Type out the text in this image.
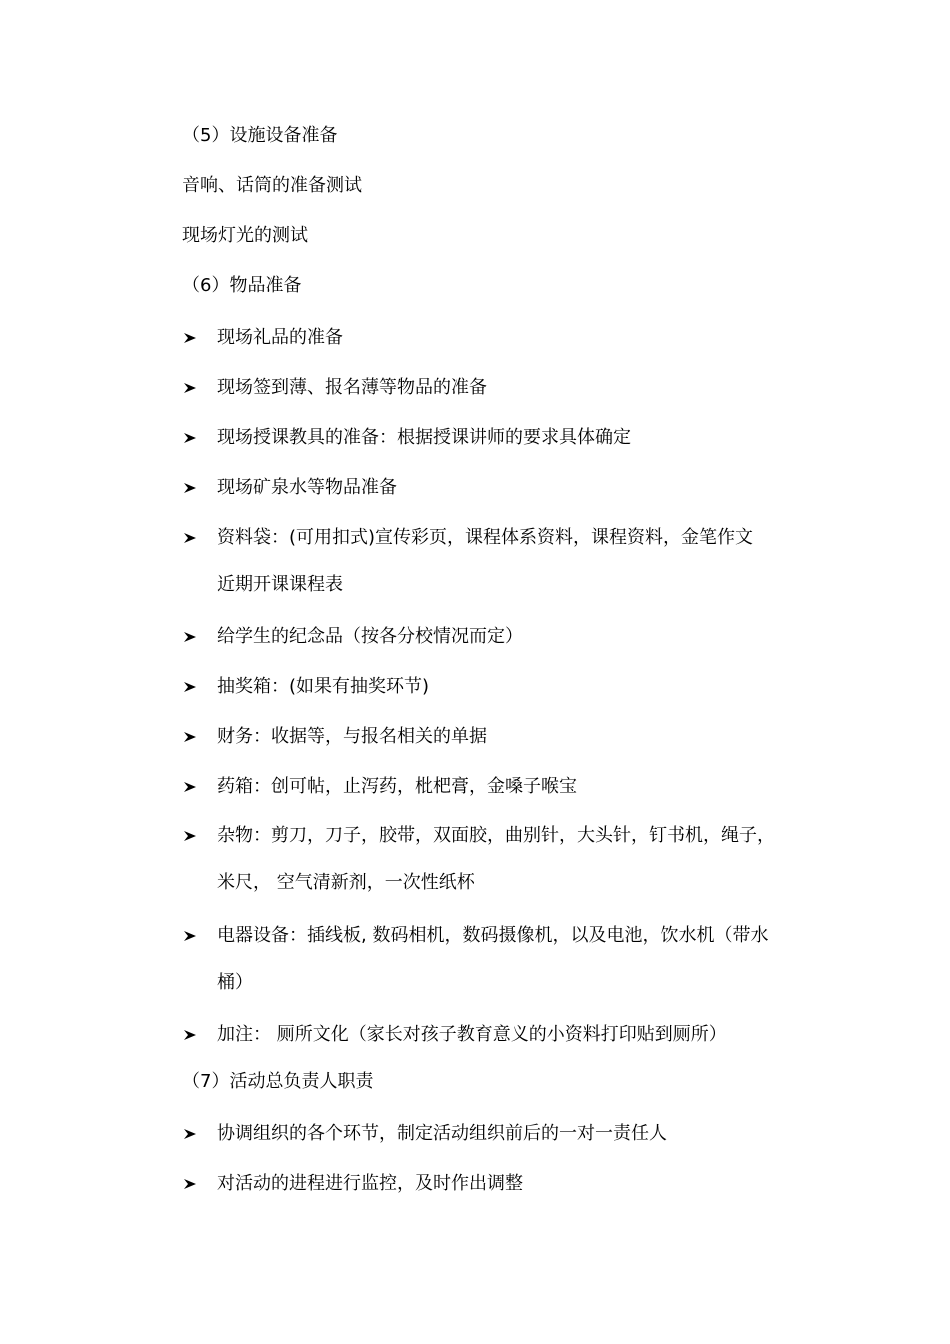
（5）设施设备准备
音响、话筒的准备测试
现场灯光的测试
（6）物品准备
现场礼品的准备
现场签到薄、报名薄等物品的准备
现场授课教具的准备：根据授课讲师的要求具体确定
现场矿泉水等物品准备
资料袋：(可用扣式)宣传彩页，课程体系资料，课程资料，金笔作文
近期开课课程表
给学生的纪念品（按各分校情况而定）
抽奖箱：(如果有抽奖环节)
财务：收据等，与报名相关的单据
药箱：创可帖，止泻药，枇杷膏，金嗓子喉宝
杂物：剪刀，刀子，胶带，双面胶，曲别针，大头针，钉书机，绳子，
米尺， 空气清新剂，一次性纸杯
电器设备：插线板, 数码相机，数码摄像机，以及电池，饮水机（带水
桶）
加注： 厕所文化（家长对孩子教育意义的小资料打印贴到厕所）
（7）活动总负责人职责
协调组织的各个环节，制定活动组织前后的一对一责任人
对活动的进程进行监控，及时作出调整
